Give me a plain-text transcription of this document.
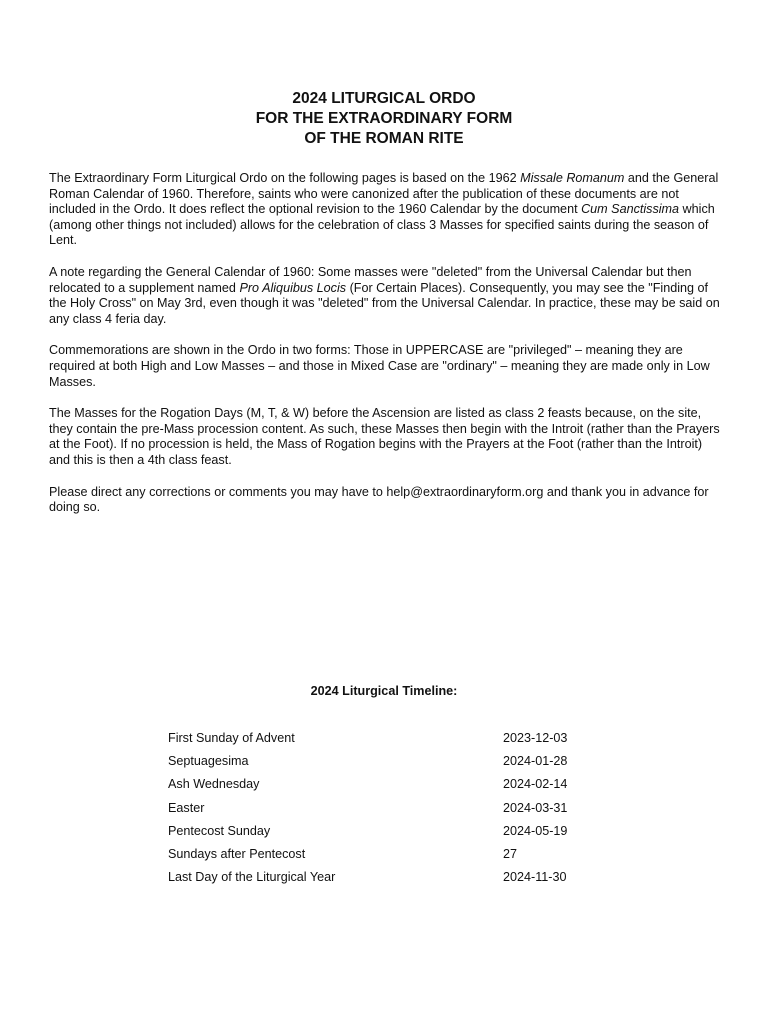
2024 LITURGICAL ORDO
FOR THE EXTRAORDINARY FORM
OF THE ROMAN RITE

The Extraordinary Form Liturgical Ordo on the following pages is based on the 1962 Missale Romanum and the General Roman Calendar of 1960. Therefore, saints who were canonized after the publication of these documents are not included in the Ordo. It does reflect the optional revision to the 1960 Calendar by the document Cum Sanctissima which (among other things not included) allows for the celebration of class 3 Masses for specified saints during the season of Lent.

A note regarding the General Calendar of 1960: Some masses were "deleted" from the Universal Calendar but then relocated to a supplement named Pro Aliquibus Locis (For Certain Places). Consequently, you may see the "Finding of the Holy Cross" on May 3rd, even though it was "deleted" from the Universal Calendar. In practice, these may be said on any class 4 feria day.

Commemorations are shown in the Ordo in two forms: Those in UPPERCASE are "privileged" – meaning they are required at both High and Low Masses – and those in Mixed Case are "ordinary" – meaning they are made only in Low Masses.

The Masses for the Rogation Days (M, T, & W) before the Ascension are listed as class 2 feasts because, on the site, they contain the pre-Mass procession content. As such, these Masses then begin with the Introit (rather than the Prayers at the Foot). If no procession is held, the Mass of Rogation begins with the Prayers at the Foot (rather than the Introit) and this is then a 4th class feast.

Please direct any corrections or comments you may have to help@extraordinaryform.org and thank you in advance for doing so.

2024 Liturgical Timeline:
First Sunday of Advent	2023-12-03
Septuagesima	2024-01-28
Ash Wednesday	2024-02-14
Easter	2024-03-31
Pentecost Sunday	2024-05-19
Sundays after Pentecost	27
Last Day of the Liturgical Year	2024-11-30
